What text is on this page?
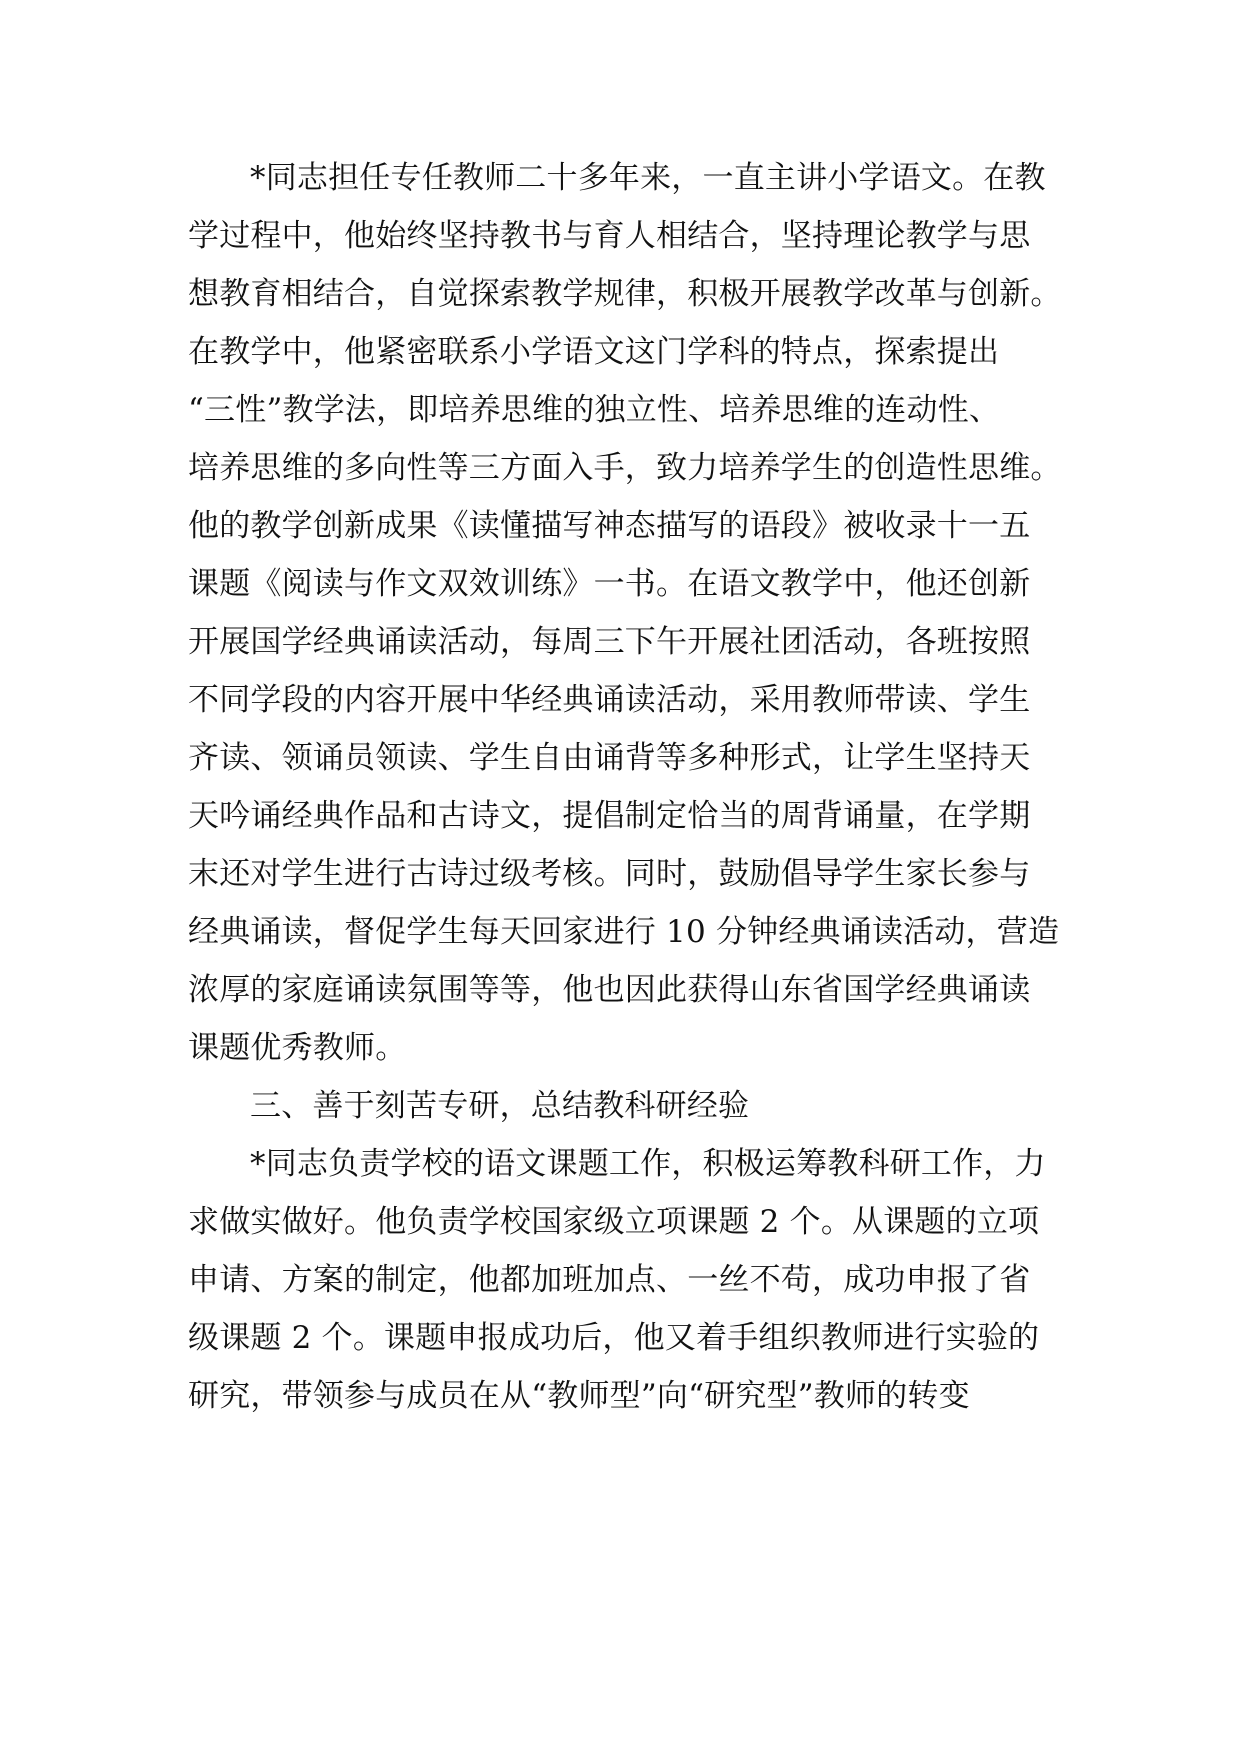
*同志担任专任教师二十多年来，一直主讲小学语文。在教

学过程中，他始终坚持教书与育人相结合，坚持理论教学与思

想教育相结合，自觉探索教学规律，积极开展教学改革与创新。

在教学中，他紧密联系小学语文这门学科的特点，探索提出

“三性”教学法，即培养思维的独立性、培养思维的连动性、

培养思维的多向性等三方面入手，致力培养学生的创造性思维。

他的教学创新成果《读懂描写神态描写的语段》被收录十一五

课题《阅读与作文双效训练》一书。在语文教学中，他还创新

开展国学经典诵读活动，每周三下午开展社团活动，各班按照

不同学段的内容开展中华经典诵读活动，采用教师带读、学生

齐读、领诵员领读、学生自由诵背等多种形式，让学生坚持天

天吟诵经典作品和古诗文，提倡制定恰当的周背诵量，在学期

末还对学生进行古诗过级考核。同时，鼓励倡导学生家长参与

经典诵读，督促学生每天回家进行 10 分钟经典诵读活动，营造

浓厚的家庭诵读氛围等等，他也因此获得山东省国学经典诵读

课题优秀教师。

三、善于刻苦专研，总结教科研经验

*同志负责学校的语文课题工作，积极运筹教科研工作，力

求做实做好。他负责学校国家级立项课题 2 个。从课题的立项

申请、方案的制定，他都加班加点、一丝不苟，成功申报了省

级课题 2 个。课题申报成功后，他又着手组织教师进行实验的

研究，带领参与成员在从“教师型”向“研究型”教师的转变
